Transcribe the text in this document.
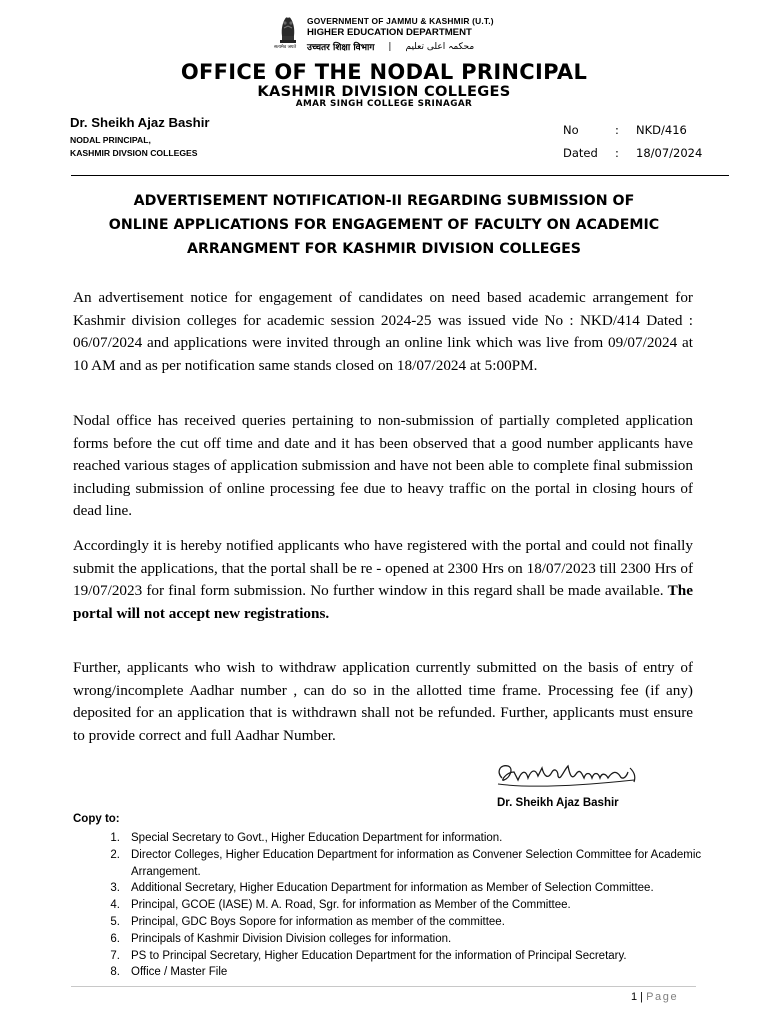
सत्यमेव जयते
GOVERNMENT OF JAMMU & KASHMIR (U.T.)
HIGHER EDUCATION DEPARTMENT
उच्चतर शिक्षा विभाग	|	محکمہ اعلی تعلیم
OFFICE OF THE NODAL PRINCIPAL
KASHMIR DIVISION COLLEGES
AMAR SINGH COLLEGE SRINAGAR
Dr. Sheikh Ajaz Bashir
NODAL PRINCIPAL,
KASHMIR DIVSION COLLEGES
No	:	NKD/416
Dated	:	18/07/2024
ADVERTISEMENT NOTIFICATION-II REGARDING SUBMISSION OF
ONLINE APPLICATIONS FOR ENGAGEMENT OF FACULTY ON ACADEMIC
ARRANGMENT FOR KASHMIR DIVISION COLLEGES
An advertisement notice for engagement of candidates on need based academic arrangement for Kashmir division colleges for academic session 2024-25 was issued vide No : NKD/414 Dated : 06/07/2024 and applications were invited through an online link which was live from 09/07/2024 at 10 AM and as per notification same stands closed on 18/07/2024 at 5:00PM.
Nodal office has received queries pertaining to non-submission of partially completed application forms before the cut off time and date and it has been observed that a good number applicants have reached various stages of application submission and have not been able to complete final submission including submission of online processing fee due to heavy traffic on the portal in closing hours of dead line.
Accordingly it is hereby notified applicants who have registered with the portal and could not finally submit the applications, that the portal shall be re - opened at 2300 Hrs on 18/07/2023 till 2300 Hrs of 19/07/2023 for final form submission. No further window in this regard shall be made available. The portal will not accept new registrations.
Further, applicants who wish to withdraw application currently submitted on the basis of entry of wrong/incomplete Aadhar number , can do so in the allotted time frame. Processing fee (if any) deposited for an application that is withdrawn shall not be refunded. Further, applicants must ensure to provide correct and full Aadhar Number.
Dr. Sheikh Ajaz Bashir
Copy to:
1. Special Secretary to Govt., Higher Education Department for information.
2. Director Colleges, Higher Education Department for information as Convener Selection Committee for Academic Arrangement.
3. Additional Secretary, Higher Education Department for information as Member of Selection Committee.
4. Principal, GCOE (IASE) M. A. Road, Sgr. for information as Member of the Committee.
5. Principal, GDC Boys Sopore for information as member of the committee.
6. Principals of Kashmir Division Division colleges for information.
7. PS to Principal Secretary, Higher Education Department for the information of Principal Secretary.
8. Office / Master File
1 | Page
